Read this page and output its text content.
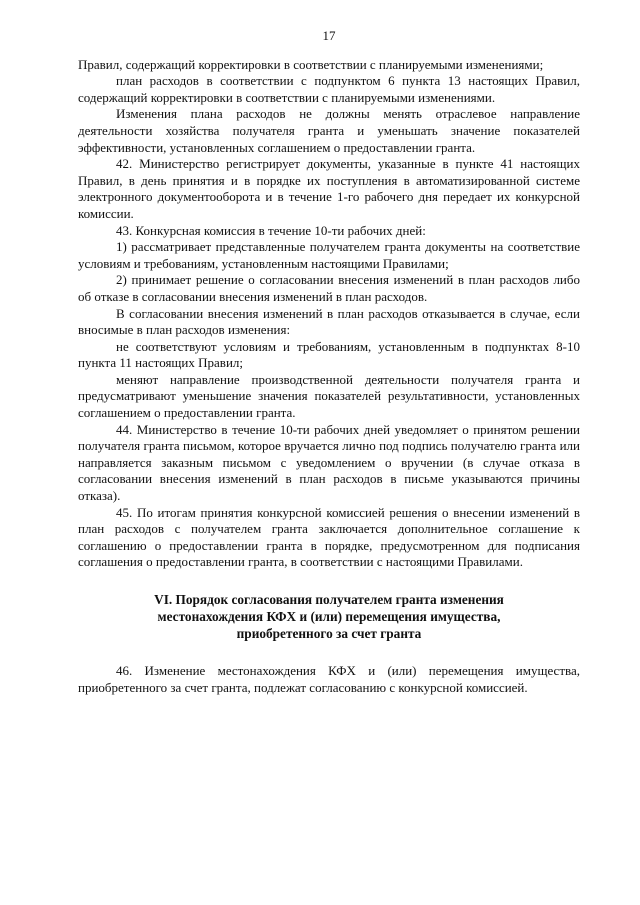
17

Правил, содержащий корректировки в соответствии с планируемыми изменениями;

план расходов в соответствии с подпунктом 6 пункта 13 настоящих Правил, содержащий корректировки в соответствии с планируемыми изменениями.

Изменения плана расходов не должны менять отраслевое направление деятельности хозяйства получателя гранта и уменьшать значение показателей эффективности, установленных соглашением о предоставлении гранта.

42. Министерство регистрирует документы, указанные в пункте 41 настоящих Правил, в день принятия и в порядке их поступления в автоматизированной системе электронного документооборота и в течение 1-го рабочего дня передает их конкурсной комиссии.

43. Конкурсная комиссия в течение 10-ти рабочих дней:

1) рассматривает представленные получателем гранта документы на соответствие условиям и требованиям, установленным настоящими Правилами;

2) принимает решение о согласовании внесения изменений в план расходов либо об отказе в согласовании внесения изменений в план расходов.

В согласовании внесения изменений в план расходов отказывается в случае, если вносимые в план расходов изменения:

не соответствуют условиям и требованиям, установленным в подпунктах 8-10 пункта 11 настоящих Правил;

меняют направление производственной деятельности получателя гранта и предусматривают уменьшение значения показателей результативности, установленных соглашением о предоставлении гранта.

44. Министерство в течение 10-ти рабочих дней уведомляет о принятом решении получателя гранта письмом, которое вручается лично под подпись получателю гранта или направляется заказным письмом с уведомлением о вручении (в случае отказа в согласовании внесения изменений в план расходов в письме указываются причины отказа).

45. По итогам принятия конкурсной комиссией решения о внесении изменений в план расходов с получателем гранта заключается дополнительное соглашение к соглашению о предоставлении гранта в порядке, предусмотренном для подписания соглашения о предоставлении гранта, в соответствии с настоящими Правилами.

VI. Порядок согласования получателем гранта изменения
местонахождения КФХ и (или) перемещения имущества,
приобретенного за счет гранта

46. Изменение местонахождения КФХ и (или) перемещения имущества, приобретенного за счет гранта, подлежат согласованию с конкурсной комиссией.
